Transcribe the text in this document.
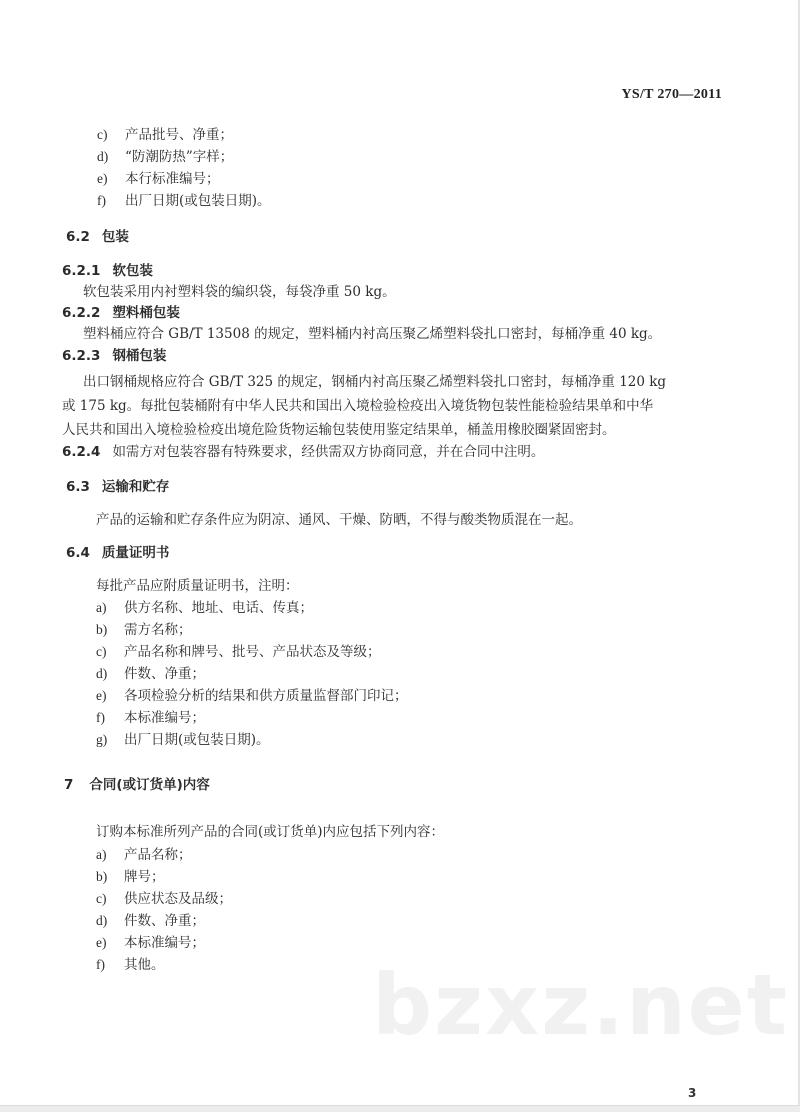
YS/T 270—2011
c) 产品批号、净重；
d) “防潮防热”字样；
e) 本行标准编号；
f) 出厂日期(或包装日期)。
6.2 包装
6.2.1 软包装
软包装采用内衬塑料袋的编织袋，每袋净重 50 kg。
6.2.2 塑料桶包装
塑料桶应符合 GB/T 13508 的规定，塑料桶内衬高压聚乙烯塑料袋扎口密封，每桶净重 40 kg。
6.2.3 钢桶包装
出口钢桶规格应符合 GB/T 325 的规定，钢桶内衬高压聚乙烯塑料袋扎口密封，每桶净重 120 kg
或 175 kg。每批包装桶附有中华人民共和国出入境检验检疫出入境货物包装性能检验结果单和中华
人民共和国出入境检验检疫出境危险货物运输包装使用鉴定结果单，桶盖用橡胶圈紧固密封。
6.2.4 如需方对包装容器有特殊要求，经供需双方协商同意，并在合同中注明。
6.3 运输和贮存
产品的运输和贮存条件应为阴凉、通风、干燥、防晒，不得与酸类物质混在一起。
6.4 质量证明书
每批产品应附质量证明书，注明：
a) 供方名称、地址、电话、传真；
b) 需方名称；
c) 产品名称和牌号、批号、产品状态及等级；
d) 件数、净重；
e) 各项检验分析的结果和供方质量监督部门印记；
f) 本标准编号；
g) 出厂日期(或包装日期)。
7 合同(或订货单)内容
订购本标准所列产品的合同(或订货单)内应包括下列内容：
a) 产品名称；
b) 牌号；
c) 供应状态及品级；
d) 件数、净重；
e) 本标准编号；
f) 其他。 bzxz.net
3
